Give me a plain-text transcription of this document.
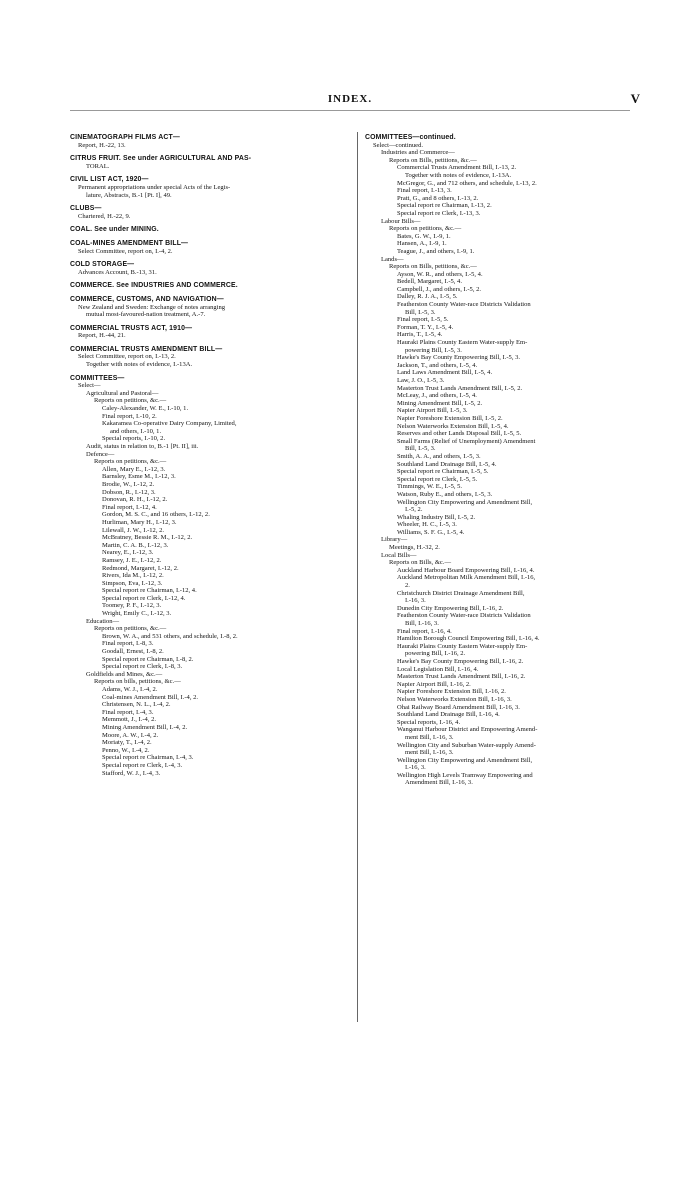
INDEX.	V
CINEMATOGRAPH FILMS ACT—
Report, H.-22, 13.
CITRUS FRUIT. See under AGRICULTURAL AND PAS-
TORAL.
CIVIL LIST ACT, 1920—
Permanent appropriations under special Acts of the Legis-
lature, Abstracts, B.-1 [Pt. I], 49.
CLUBS—
Chartered, H.-22, 9.
COAL. See under MINING.
COAL-MINES AMENDMENT BILL—
Select Committee, report on, I.-4, 2.
COLD STORAGE—
Advances Account, B.-13, 31.
COMMERCE. See INDUSTRIES AND COMMERCE.
COMMERCE, CUSTOMS, AND NAVIGATION—
New Zealand and Sweden: Exchange of notes arranging
mutual most-favoured-nation treatment, A.-7.
COMMERCIAL TRUSTS ACT, 1910—
Report, H.-44, 21.
COMMERCIAL TRUSTS AMENDMENT BILL—
Select Committee, report on, I.-13, 2.
Together with notes of evidence, I.-13A.
COMMITTEES—
Select—
Agricultural and Pastoral—
Reports on petitions, &c.—
Caley-Alexander, W. E., I.-10, 1.
Final report, I.-10, 2.
Kakaramea Co-operative Dairy Company, Limited,
and others, I.-10, 1.
Special reports, I.-10, 2.
Audit, status in relation to, B.-1 [Pt. II], iii.
Defence—
Reports on petitions, &c.—
Allen, Mary E., I.-12, 3.
Barnsley, Esme M., I.-12, 3.
Brodie, W., I.-12, 2.
Dobson, R., I.-12, 3.
Donovan, R. H., I.-12, 2.
Final report, I.-12, 4.
Gordon, M. S. C., and 16 others, I.-12, 2.
Hurliman, Mary H., I.-12, 3.
Lilewall, J. W., I.-12, 2.
McBratney, Bessie R. M., I.-12, 2.
Martin, C. A. B., I.-12, 3.
Nearey, E., I.-12, 3.
Ramsey, J. E., I.-12, 2.
Redmond, Margaret, I.-12, 2.
Rivers, Ida M., I.-12, 2.
Simpson, Eva, I.-12, 3.
Special report re Chairman, I.-12, 4.
Special report re Clerk, I.-12, 4.
Toomey, P. F., I.-12, 3.
Wright, Emily C., I.-12, 3.
Education—
Reports on petitions, &c.—
Brown, W. A., and 531 others, and schedule, I.-8, 2.
Final report, I.-8, 3.
Goodall, Ernest, I.-8, 2.
Special report re Chairman, I.-8, 2.
Special report re Clerk, I.-8, 3.
Goldfields and Mines, &c.—
Reports on bills, petitions, &c.—
Adams, W. J., I.-4, 2.
Coal-mines Amendment Bill, I.-4, 2.
Christensen, N. L., I.-4, 2.
Final report, I.-4, 3.
Memmott, J., I.-4, 2.
Mining Amendment Bill, I.-4, 2.
Moore, A. W., I.-4, 2.
Moriaty, T., I.-4, 2.
Penno, W., I.-4, 2.
Special report re Chairman, I.-4, 3.
Special report re Clerk, I.-4, 3.
Stafford, W. J., I.-4, 3.
COMMITTEES—continued.
Select—continued.
Industries and Commerce—
Reports on Bills, petitions, &c.—
Commercial Trusts Amendment Bill, I.-13, 2.
Together with notes of evidence, I.-13A.
McGregor, G., and 712 others, and schedule, I.-13, 2.
Final report, I.-13, 3.
Pratt, G., and 8 others, I.-13, 2.
Special report re Chairman, I.-13, 2.
Special report re Clerk, I.-13, 3.
Labour Bills—
Reports on petitions, &c.—
Bates, G. W., I.-9, 1.
Hansen, A., I.-9, 1.
Teague, J., and others, I.-9, 1.
Lands—
Reports on Bills, petitions, &c.—
Ayson, W. R., and others, I.-5, 4.
Bedell, Margaret, I.-5, 4.
Campbell, J., and others, I.-5, 2.
Dalley, R. J. A., I.-5, 5.
Featherston County Water-race Districts Validation
Bill, I.-5, 3.
Final report, I.-5, 5.
Forman, T. Y., I.-5, 4.
Harris, T., I.-5, 4.
Hauraki Plains County Eastern Water-supply Em-
powering Bill, I.-5, 3.
Hawke's Bay County Empowering Bill, I.-5, 3.
Jackson, T., and others, I.-5, 4.
Land Laws Amendment Bill, I.-5, 4.
Law, J. O., I.-5, 3.
Masterton Trust Lands Amendment Bill, I.-5, 2.
McLeay, J., and others, I.-5, 4.
Mining Amendment Bill, I.-5, 2.
Napier Airport Bill, I.-5, 3.
Napier Foreshore Extension Bill, I.-5, 2.
Nelson Waterworks Extension Bill, I.-5, 4.
Reserves and other Lands Disposal Bill, I.-5, 5.
Small Farms (Relief of Unemployment) Amendment
Bill, I.-5, 3.
Smith, A. A., and others, I.-5, 3.
Southland Land Drainage Bill, I.-5, 4.
Special report re Chairman, I.-5, 5.
Special report re Clerk, I.-5, 5.
Timmings, W. E., I.-5, 5.
Watson, Ruby E., and others, I.-5, 3.
Wellington City Empowering and Amendment Bill,
I.-5, 2.
Whaling Industry Bill, I.-5, 2.
Wheeler, H. C., I.-5, 3.
Williams, S. F. G., I.-5, 4.
Library—
Meetings, H.-32, 2.
Local Bills—
Reports on Bills, &c.—
Auckland Harbour Board Empowering Bill, I.-16, 4.
Auckland Metropolitan Milk Amendment Bill, I.-16,
2.
Christchurch District Drainage Amendment Bill,
I.-16, 3.
Dunedin City Empowering Bill, I.-16, 2.
Featherston County Water-race Districts Validation
Bill, I.-16, 3.
Final report, I.-16, 4.
Hamilton Borough Council Empowering Bill, I.-16, 4.
Hauraki Plains County Eastern Water-supply Em-
powering Bill, I.-16, 2.
Hawke's Bay County Empowering Bill, I.-16, 2.
Local Legislation Bill, I.-16, 4.
Masterton Trust Lands Amendment Bill, I.-16, 2.
Napier Airport Bill, I.-16, 2.
Napier Foreshore Extension Bill, I.-16, 2.
Nelson Waterworks Extension Bill, I.-16, 3.
Ohai Railway Board Amendment Bill, I.-16, 3.
Southland Land Drainage Bill, I.-16, 4.
Special reports, I.-16, 4.
Wanganui Harbour District and Empowering Amend-
ment Bill, I.-16, 3.
Wellington City and Suburban Water-supply Amend-
ment Bill, I.-16, 3.
Wellington City Empowering and Amendment Bill,
I.-16, 3.
Wellington High Levels Tramway Empowering and
Amendment Bill, I.-16, 3.
